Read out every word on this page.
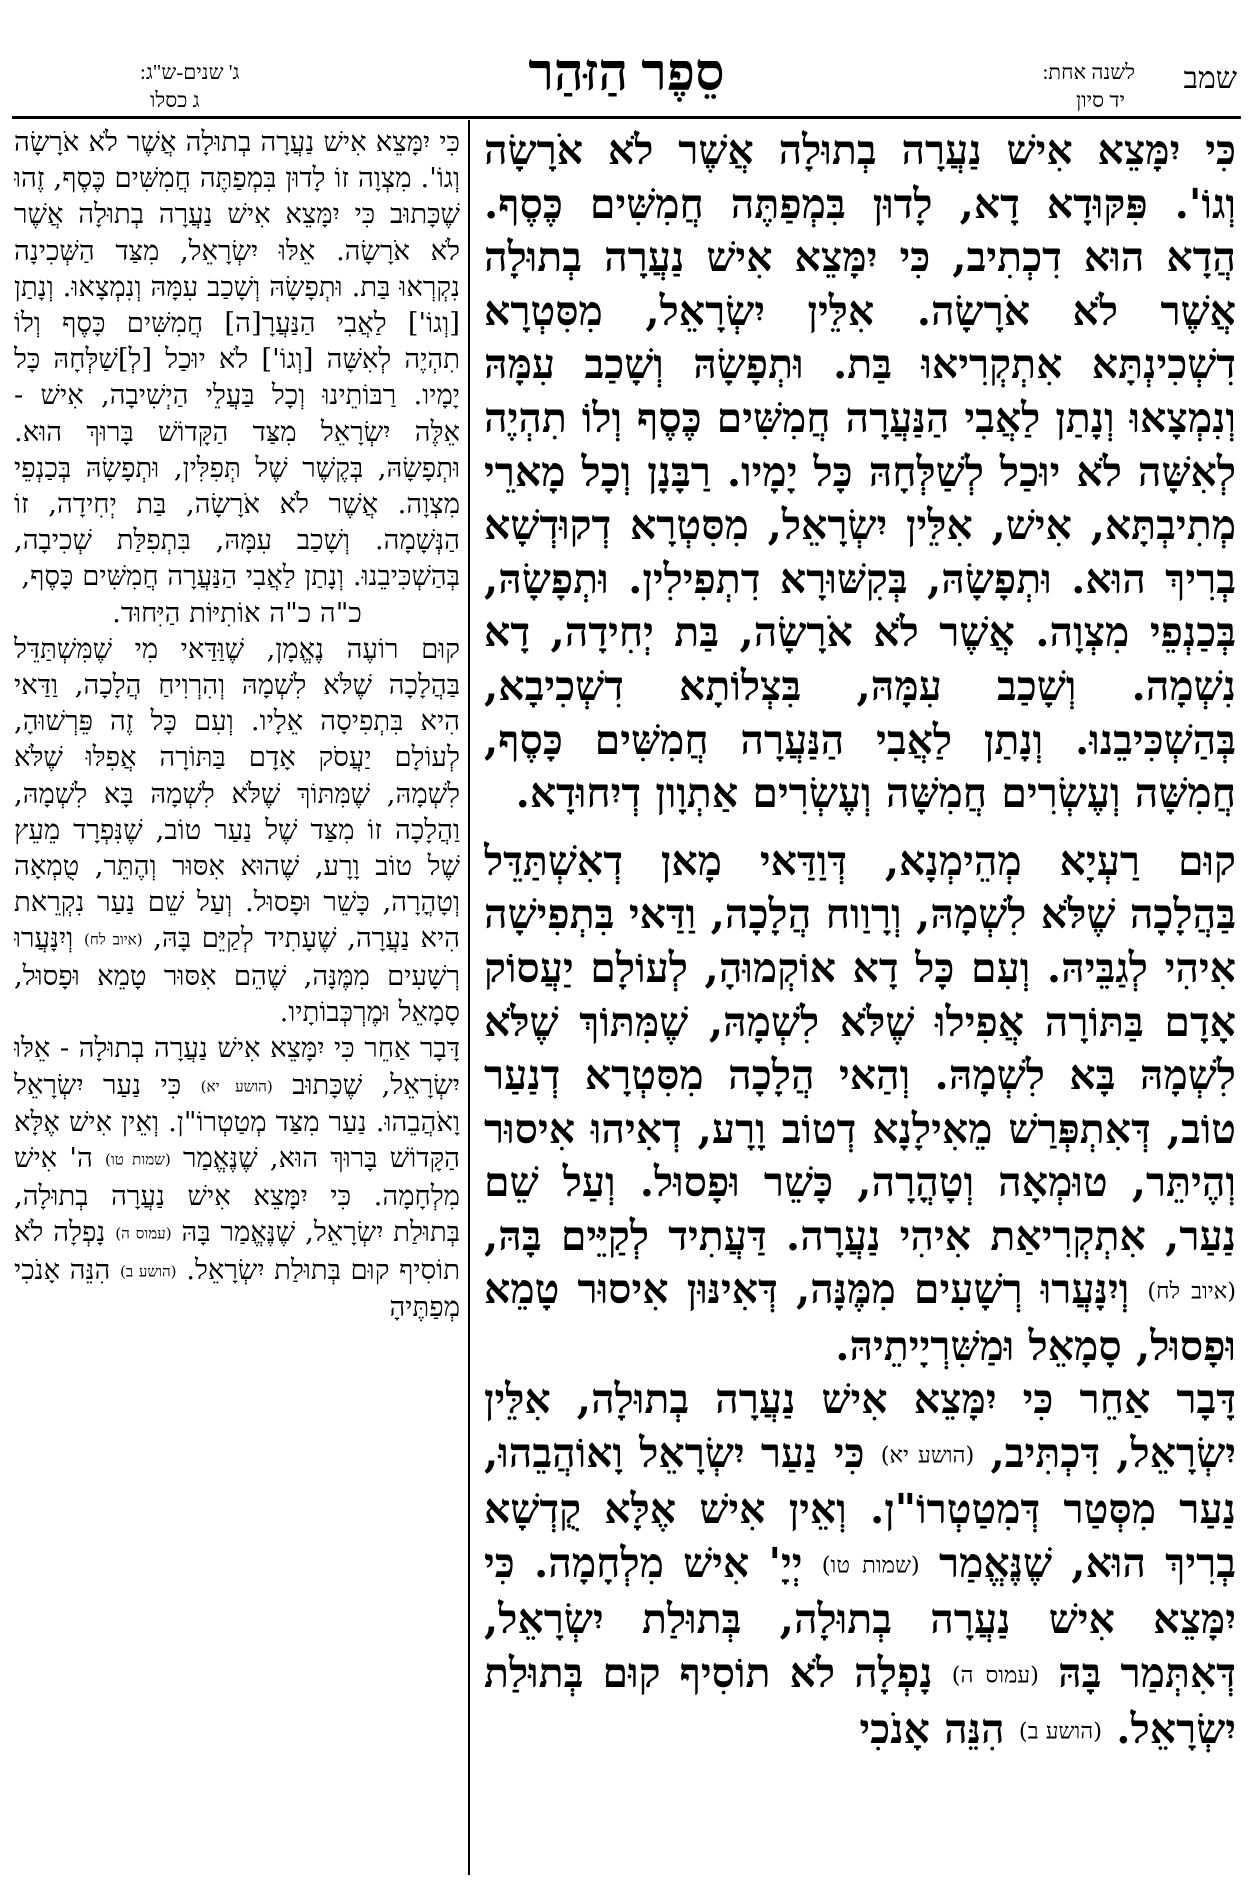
שמב
לשנה אחת:
יד סיון
סֵפֶר הַזּהַר
ג' שנים-ש"ג:
ג כסלו

כִּי יִמָּצֵא אִישׁ נַעֲרָה בְתוּלָה אֲשֶׁר לֹא אֹרָשָׂה וְגוֹ'. פִּקּוּדָא דָא, לָדוּן בִּמְפַתֶּה חֲמִשִּׁים כֶּסֶף. הֲדָא הוּא דִכְתִיב, כִּי יִמָּצֵא אִישׁ נַעֲרָה בְתוּלָה אֲשֶׁר לֹא אֹרָשָׂה. אִלֵּין יִשְׂרָאֵל, מִסִּטְרָא דִשְׁכִינְתָּא אִתְקְרִיאוּ בַּת. וּתְפָשָׂהּ וְשָׁכַב עִמָּהּ וְנִמְצָאוּ וְנָתַן לַאֲבִי הַנַּעֲרָה חֲמִשִּׁים כֶּסֶף וְלוֹ תִהְיֶה לְאִשָּׁה לֹא יוּכַל לְשַׁלְּחָהּ כָּל יָמָיו. רַבָּנָן וְכָל מָארֵי מְתִיבְתָּא, אִישׁ, אִלֵּין יִשְׂרָאֵל, מִסִּטְרָא דְקוּדְשָׁא בְרִיךְ הוּא. וּתְפָשָׂהּ, בְּקִשּׁוּרָא דִתְפִילִין. וּתְפָשָׂהּ, בְּכַנְפֵי מִצְוָה. אֲשֶׁר לֹא אֹרָשָׂה, בַּת יְחִידָה, דָא נִשְׁמָה. וְשָׁכַב עִמָּהּ, בִּצְלוֹתָא דִשְׁכִיבָא, בְּהַשְׁכִּיבֵנוּ. וְנָתַן לַאֲבִי הַנַּעֲרָה חֲמִשִּׁים כָּסֶף, חֲמִשָּׁה וְעֶשְׂרִים חֲמִשָּׁה וְעֶשְׂרִים אַתְוָון דְיִחוּדָא.

קוּם רַעְיָא מְהֵימְנָא, דְּוַדַּאי מָאן דְאִשְׁתַּדֵּל בַּהֲלָכָה שֶׁלֹּא לִשְׁמָהּ, וְרָוַוח הֲלָכָה, וַדַּאי בִּתְפִישָׁה אִיהִי לְגַבֵּיהּ. וְעִם כָּל דָא אוֹקְמוּהָ, לְעוֹלָם יַעֲסוֹק אָדָם בַּתּוֹרָה אֲפִילוּ שֶׁלֹּא לִשְׁמָהּ, שֶׁמִּתּוֹךְ שֶׁלֹּא לִשְׁמָהּ בָּא לִשְׁמָהּ. וְהַאי הֲלָכָה מִסִּטְרָא דְנַעַר טוֹב, דְּאִתְפְּרַשׁ מֵאִילָנָא דְטוֹב וָרָע, דְאִיהוּ אִיסוּר וְהֶיתֵּר, טוּמְאָה וְטָהֳרָה, כָּשֵׁר וּפָסוּל. וְעַל שֵׁם נַעַר, אִתְקְרִיאַת אִיהִי נַעֲרָה. דַּעֲתִיד לְקַיֵּים בָּהּ, (איוב לח) וְיִנָּעֲרוּ רְשָׁעִים מִמֶּנָּה, דְּאִינּוּן אִיסוּר טָמֵא וּפָסוּל, סָמָאֵל וּמַשִּׁרְיָיתֵיהּ.

דָּבָר אַחֵר כִּי יִמָּצֵא אִישׁ נַעֲרָה בְתוּלָה, אִלֵּין יִשְׂרָאֵל, דִּכְתִּיב, (הושע יא) כִּי נַעַר יִשְׂרָאֵל וָאוֹהֲבֵהוּ, נַעַר מִסְּטַר דְּמִטַטְרוֹ"ן. וְאֵין אִישׁ אֶלָּא קֻדְשָׁא בְרִיךְ הוּא, שֶׁנֶּאֱמַר (שמות טו) יְיָ' אִישׁ מִלְחָמָה. כִּי יִמָּצֵא אִישׁ נַעֲרָה בְתוּלָה, בְּתוּלַת יִשְׂרָאֵל, דְּאִתְּמַר בָּהּ (עמוס ה) נָפְלָה לֹא תוֹסִיף קוּם בְּתוּלַת יִשְׂרָאֵל. (הושע ב) הִנֵּה אָנֹכִי

כִּי יִמָּצֵא אִישׁ נַעֲרָה בְתוּלָה אֲשֶׁר לֹא אֹרָשָׂה וְגוֹ'. מִצְוָה זוֹ לָדוּן בִּמְפַתֶּה חֲמִשִּׁים כֶּסֶף, זֶהוּ שֶׁכָּתוּב כִּי יִמָּצֵא אִישׁ נַעֲרָה בְתוּלָה אֲשֶׁר לֹא אֹרָשָׂה. אֵלּוּ יִשְׂרָאֵל, מִצַּד הַשְּׁכִינָה נִקְרְאוּ בַּת. וּתְפָשָׂהּ וְשָׁכַב עִמָּהּ וְנִמְצָאוּ. וְנָתַן [וְגוֹ'] לַאֲבִי הַנַּעֲרָ[ה] חֲמִשִּׁים כָּסֶף וְלוֹ תִהְיֶה לְאִשָּׁה [וְגוֹ'] לֹא יוּכַל [לְ]שַׁלְּחָהּ כָּל יָמָיו. רַבּוֹתֵינוּ וְכָל בַּעֲלֵי הַיְשִׁיבָה, אִישׁ - אֵלֶּה יִשְׂרָאֵל מִצַּד הַקָּדוֹשׁ בָּרוּךְ הוּא. וּתְפָשָׂהּ, בְּקֶשֶׁר שֶׁל תְּפִלִּין, וּתְפָשָׂהּ בְּכַנְפֵי מִצְוָה. אֲשֶׁר לֹא אֹרָשָׂה, בַּת יְחִידָה, זוֹ הַנְּשָׁמָה. וְשָׁכַב עִמָּהּ, בִּתְפִלַּת שְׁכִיבָה, בְּהַשְׁכִּיבֵנוּ. וְנָתַן לַאֲבִי הַנַּעֲרָה חֲמִשִּׁים כָּסֶף,

כ"ה כ"ה אוֹתִיּוֹת הַיִּחוּד.

קוּם רוֹעֶה נֶאֱמָן, שֶׁוַּדַּאי מִי שֶׁמִּשְׁתַּדֵּל בַּהֲלָכָה שֶׁלֹּא לִשְׁמָהּ וְהִרְוִיחַ הֲלָכָה, וַדַּאי הִיא בִּתְפִיסָה אֵלָיו. וְעִם כָּל זֶה פֵּרְשׁוּהָ, לְעוֹלָם יַעֲסֹק אָדָם בַּתּוֹרָה אֲפִלּוּ שֶׁלֹּא לִשְׁמָהּ, שֶׁמִּתּוֹךְ שֶׁלֹּא לִשְׁמָהּ בָּא לִשְׁמָהּ, וַהֲלָכָה זוֹ מִצַּד שֶׁל נַעַר טוֹב, שֶׁנִּפְרָד מֵעֵץ שֶׁל טוֹב וָרָע, שֶׁהוּא אִסּוּר וְהֶתֵּר, טֻמְאָה וְטָהֳרָה, כָּשֵׁר וּפָסוּל. וְעַל שֵׁם נַעַר נִקְרֵאת הִיא נַעֲרָה, שֶׁעָתִיד לְקַיֵּם בָּהּ, (איוב לח) וְיִנָּעֲרוּ רְשָׁעִים מִמֶּנָּה, שֶׁהֵם אִסּוּר טָמֵא וּפָסוּל, סָמָאֵל וּמֶרְכְּבוֹתָיו.

דָּבָר אַחֵר כִּי יִמָּצֵא אִישׁ נַעֲרָה בְתוּלָה - אֵלּוּ יִשְׂרָאֵל, שֶׁכָּתוּב (הושע יא) כִּי נַעַר יִשְׂרָאֵל וָאֹהֲבֵהוּ. נַעַר מִצַּד מְטַטְרוֹ"ן. וְאֵין אִישׁ אֶלָּא הַקָּדוֹשׁ בָּרוּךְ הוּא, שֶׁנֶּאֱמַר (שמות טו) ה' אִישׁ מִלְחָמָה. כִּי יִמָּצֵא אִישׁ נַעֲרָה בְתוּלָה, בְּתוּלַת יִשְׂרָאֵל, שֶׁנֶּאֱמַר בָּהּ (עמוס ה) נָפְלָה לֹא תוֹסִיף קוּם בְּתוּלַת יִשְׂרָאֵל. (הושע ב) הִנֵּה אָנֹכִי מְפַתֶּיהָ
